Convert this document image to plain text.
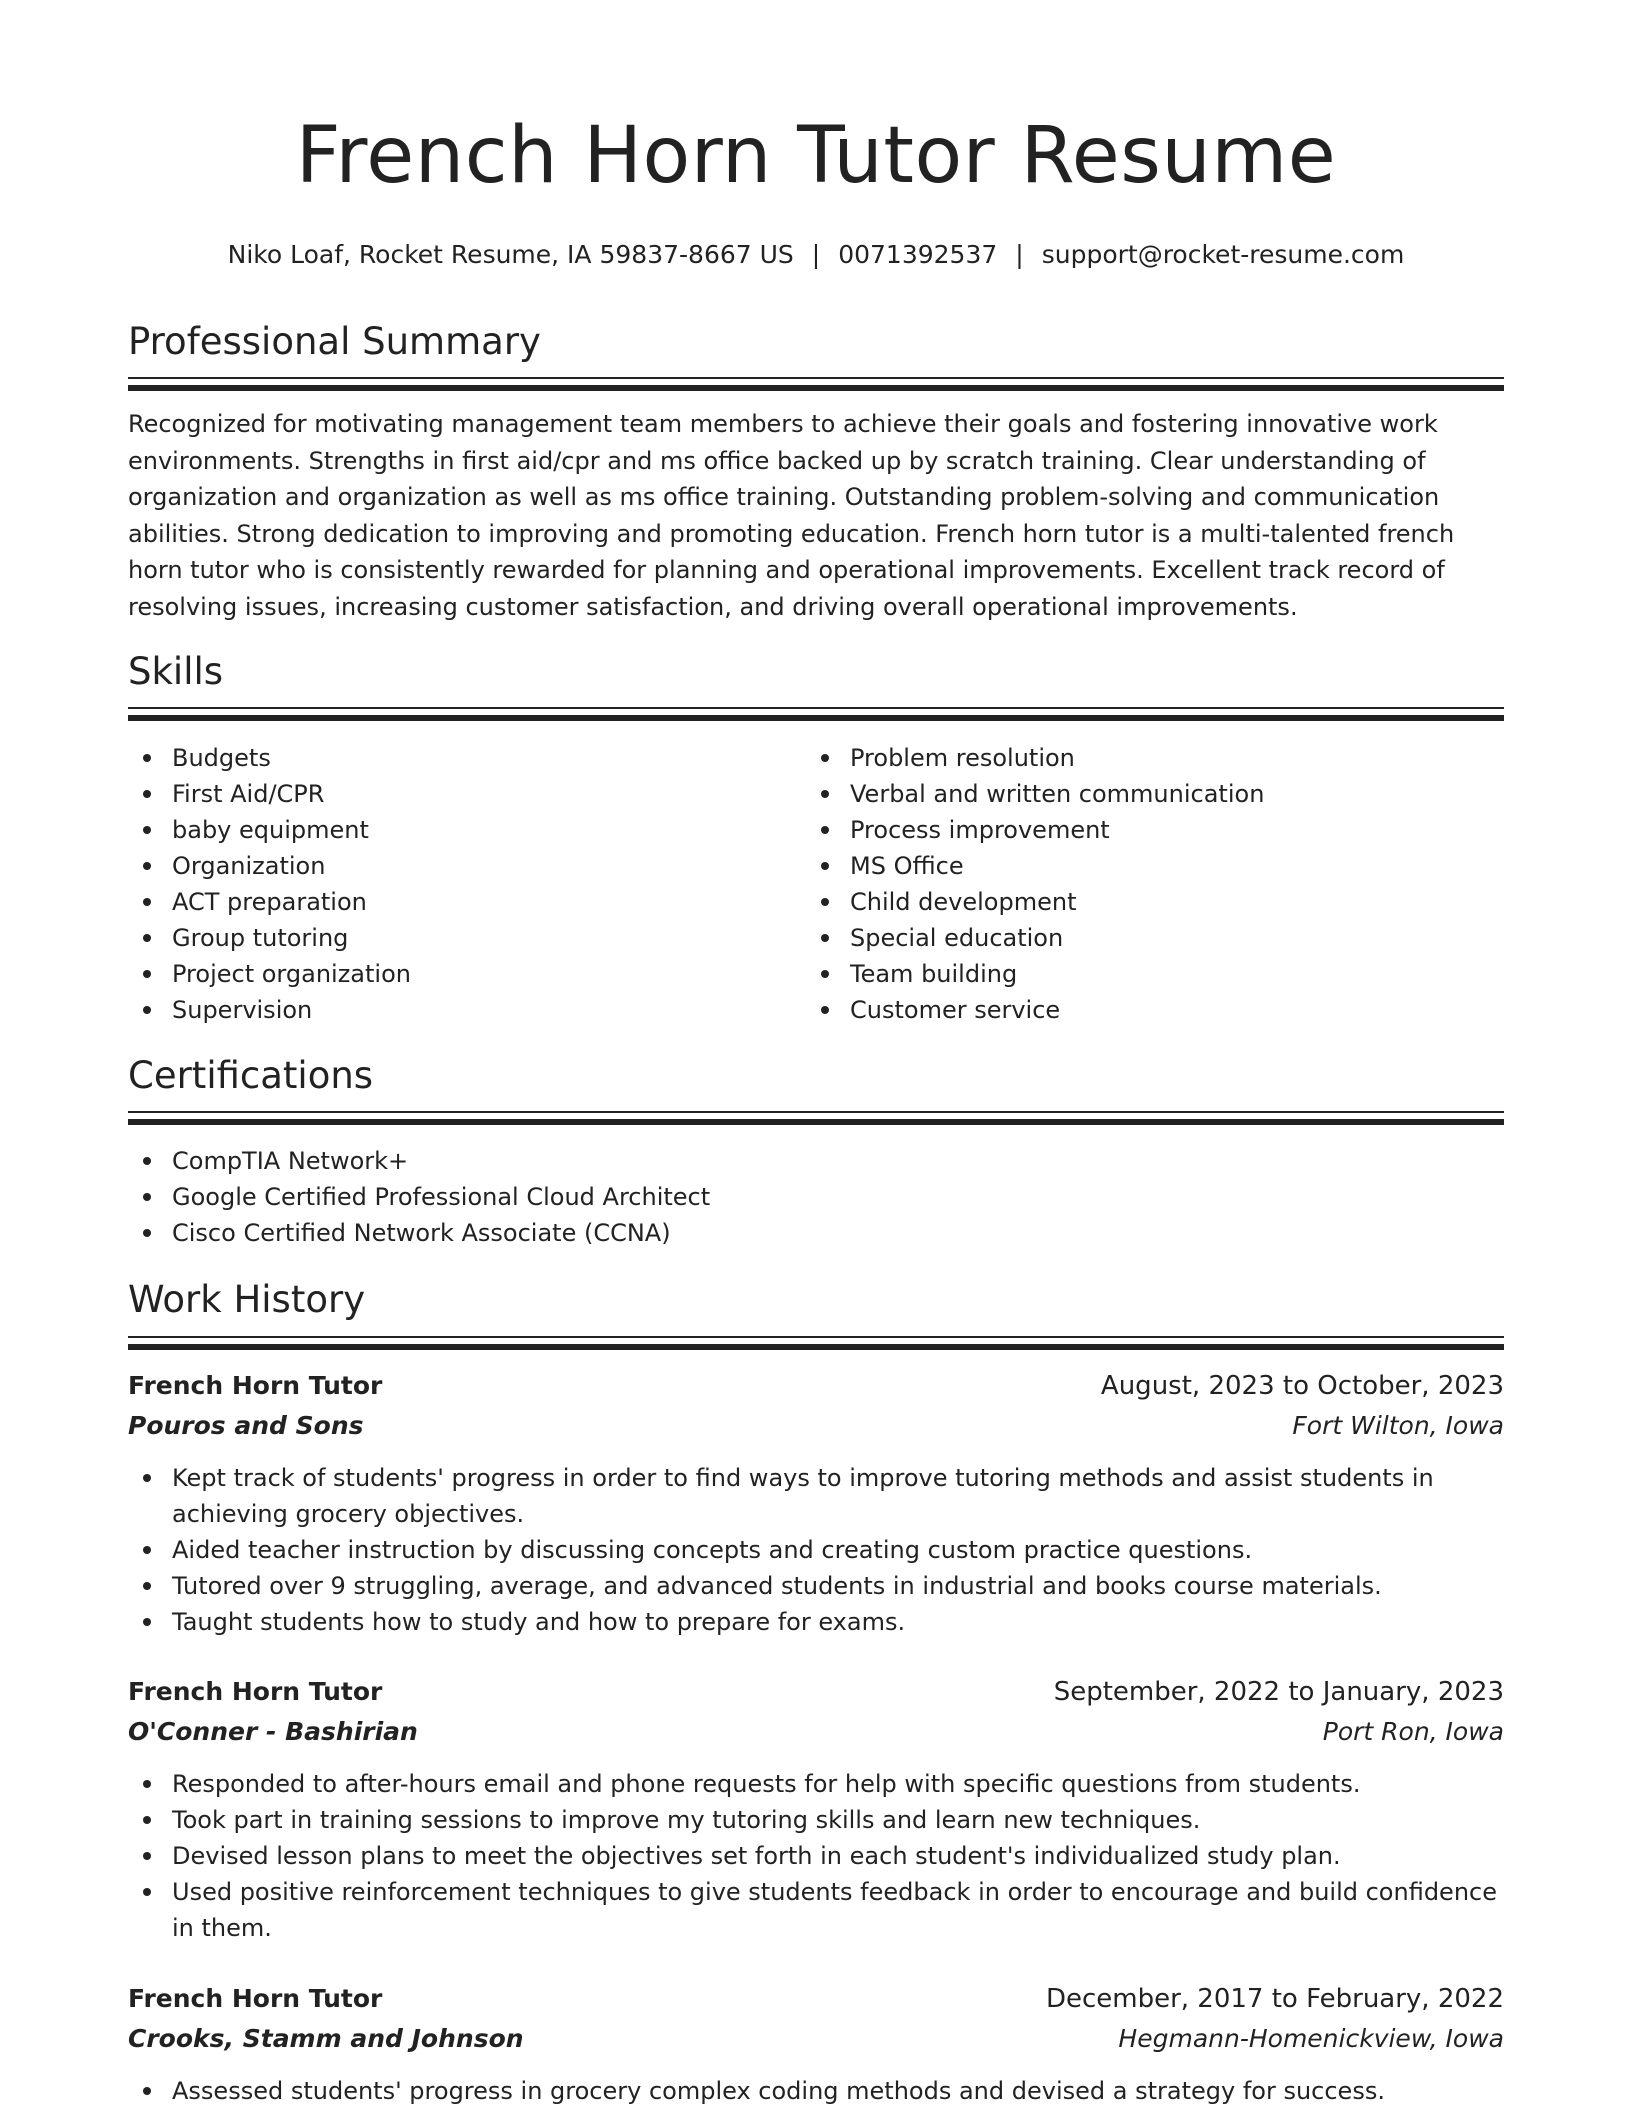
French Horn Tutor Resume
Niko Loaf, Rocket Resume, IA 59837-8667 US | 0071392537 | support@rocket-resume.com
Professional Summary

Recognized for motivating management team members to achieve their goals and fostering innovative work environments. Strengths in first aid/cpr and ms office backed up by scratch training. Clear understanding of organization and organization as well as ms office training. Outstanding problem-solving and communication abilities. Strong dedication to improving and promoting education. French horn tutor is a multi-talented french horn tutor who is consistently rewarded for planning and operational improvements. Excellent track record of resolving issues, increasing customer satisfaction, and driving overall operational improvements.

Skills
Budgets
First Aid/CPR
baby equipment
Organization
ACT preparation
Group tutoring
Project organization
Supervision
Problem resolution
Verbal and written communication
Process improvement
MS Office
Child development
Special education
Team building
Customer service
Certifications
CompTIA Network+
Google Certified Professional Cloud Architect
Cisco Certified Network Associate (CCNA)
Work History
French Horn Tutor	August, 2023 to October, 2023
Pouros and Sons	Fort Wilton, Iowa
Kept track of students' progress in order to find ways to improve tutoring methods and assist students in achieving grocery objectives.
Aided teacher instruction by discussing concepts and creating custom practice questions.
Tutored over 9 struggling, average, and advanced students in industrial and books course materials.
Taught students how to study and how to prepare for exams.
French Horn Tutor	September, 2022 to January, 2023
O'Conner - Bashirian	Port Ron, Iowa
Responded to after-hours email and phone requests for help with specific questions from students.
Took part in training sessions to improve my tutoring skills and learn new techniques.
Devised lesson plans to meet the objectives set forth in each student's individualized study plan.
Used positive reinforcement techniques to give students feedback in order to encourage and build confidence in them.
French Horn Tutor	December, 2017 to February, 2022
Crooks, Stamm and Johnson	Hegmann-Homenickview, Iowa
Assessed students' progress in grocery complex coding methods and devised a strategy for success.
